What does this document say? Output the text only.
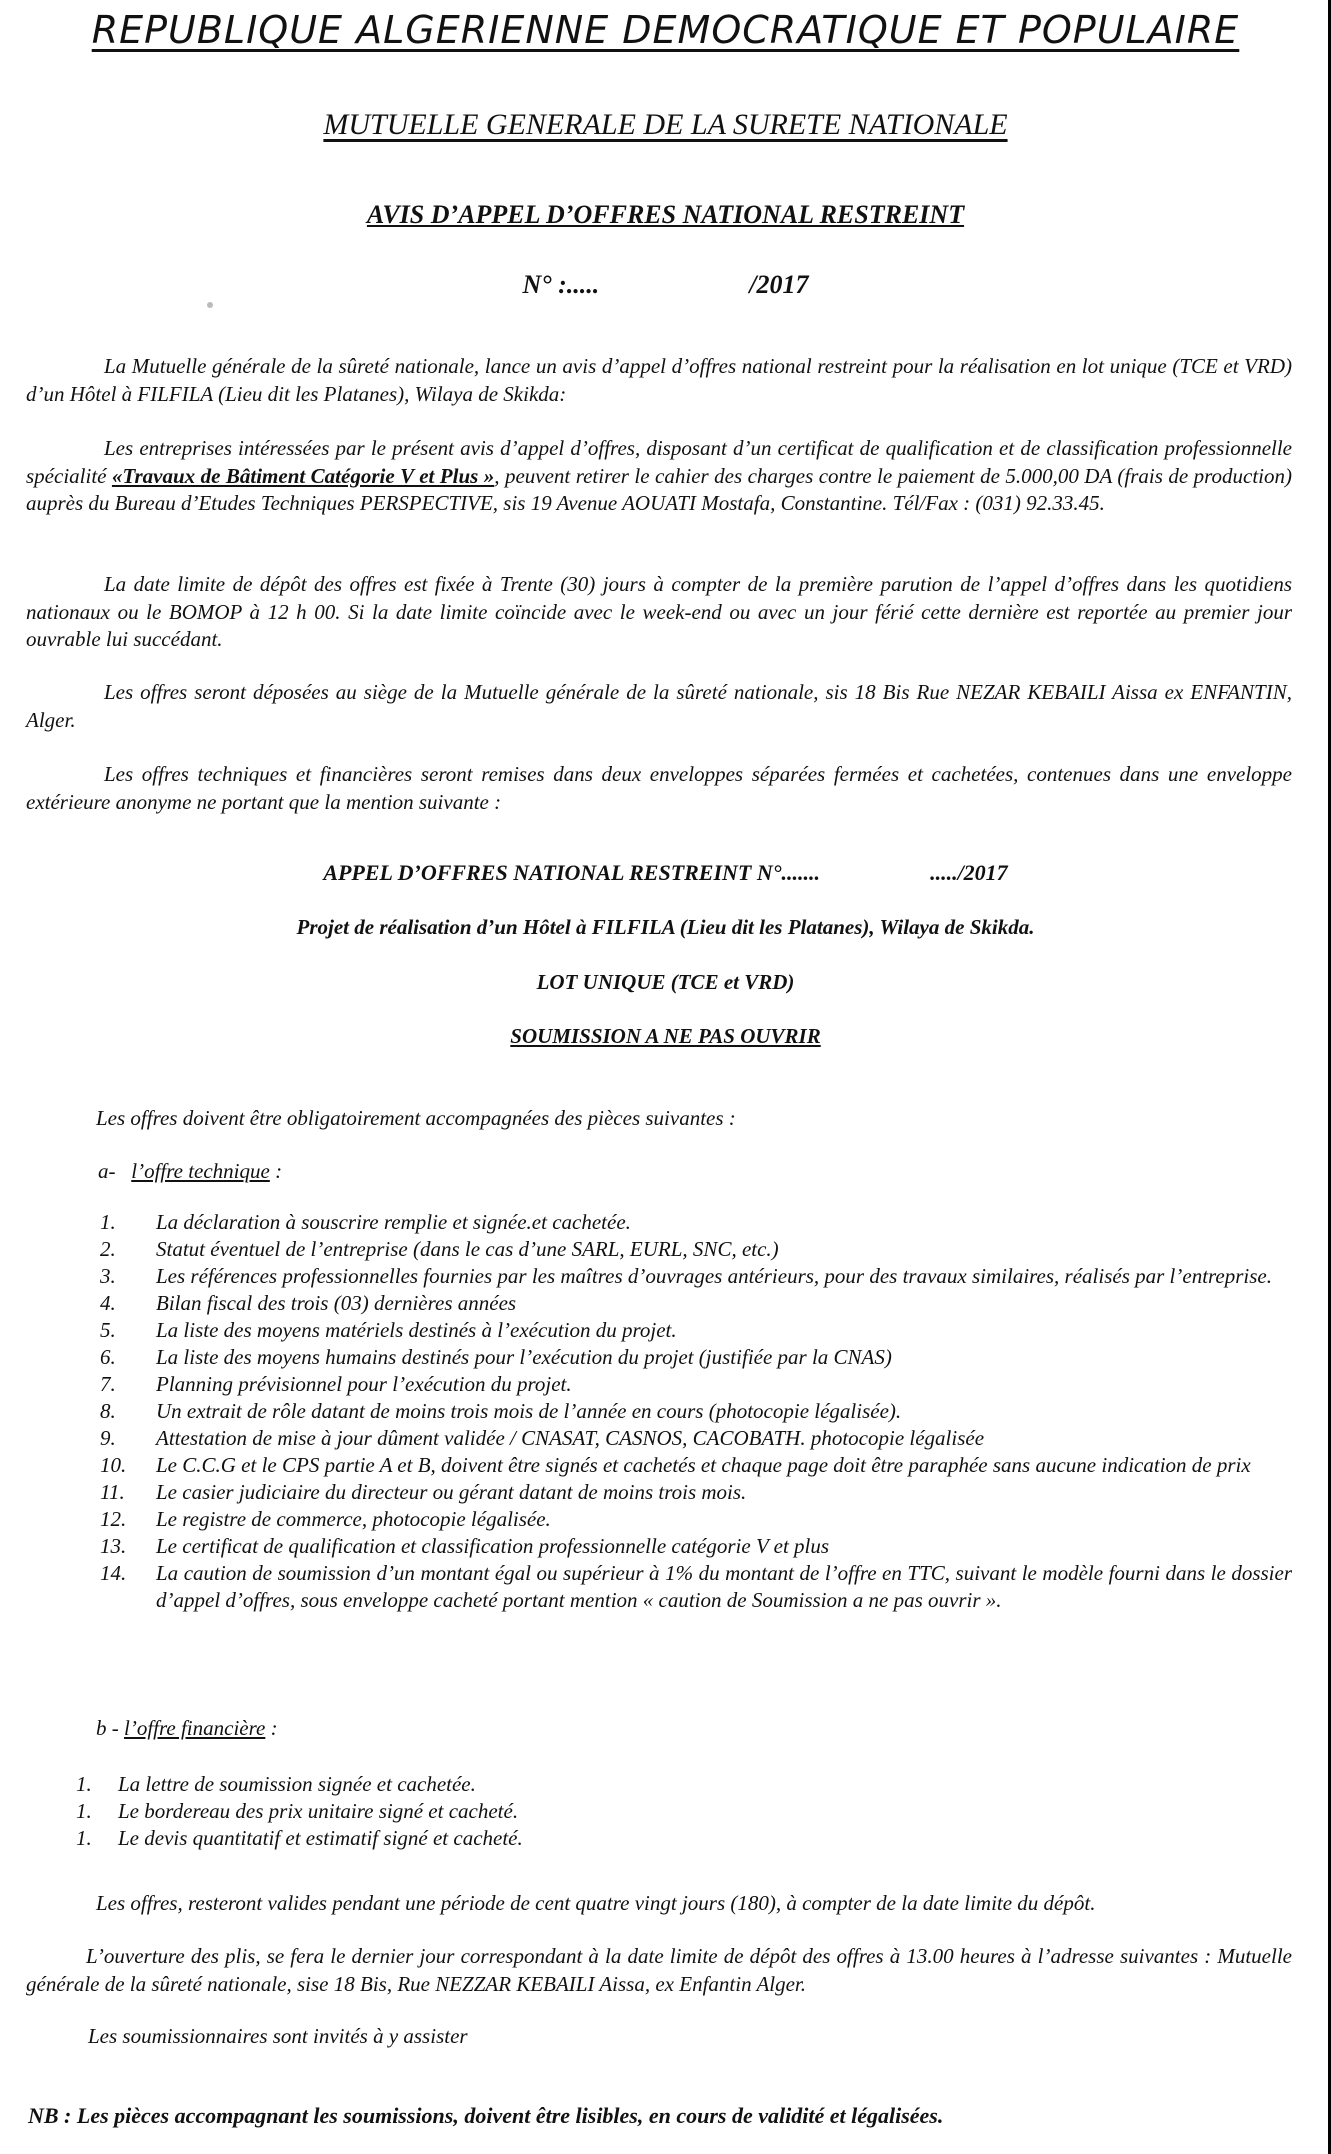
REPUBLIQUE ALGERIENNE DEMOCRATIQUE ET POPULAIRE
MUTUELLE GENERALE DE LA SURETE NATIONALE
AVIS D’APPEL D’OFFRES NATIONAL RESTREINT
N° :.....	/2017
La Mutuelle générale de la sûreté nationale, lance un avis d’appel d’offres national restreint pour la réalisation en lot unique (TCE et VRD) d’un Hôtel à FILFILA (Lieu dit les Platanes), Wilaya de Skikda:
Les entreprises intéressées par le présent avis d’appel d’offres, disposant d’un certificat de qualification et de classification professionnelle spécialité «Travaux de Bâtiment Catégorie V et Plus », peuvent retirer le cahier des charges contre le paiement de 5.000,00 DA (frais de production) auprès du Bureau d’Etudes Techniques PERSPECTIVE, sis 19 Avenue AOUATI Mostafa, Constantine. Tél/Fax : (031) 92.33.45.
La date limite de dépôt des offres est fixée à Trente (30) jours à compter de la première parution de l’appel d’offres dans les quotidiens nationaux ou le BOMOP à 12 h 00. Si la date limite coïncide avec le week-end ou avec un jour férié cette dernière est reportée au premier jour ouvrable lui succédant.
Les offres seront déposées au siège de la Mutuelle générale de la sûreté nationale, sis 18 Bis Rue NEZAR KEBAILI Aissa ex ENFANTIN, Alger.
Les offres techniques et financières seront remises dans deux enveloppes séparées fermées et cachetées, contenues dans une enveloppe extérieure anonyme ne portant que la mention suivante :
APPEL D’OFFRES NATIONAL RESTREINT N°.......	...../2017
Projet de réalisation d’un Hôtel à FILFILA (Lieu dit les Platanes), Wilaya de Skikda.
LOT UNIQUE (TCE et VRD)
SOUMISSION A NE PAS OUVRIR
Les offres doivent être obligatoirement accompagnées des pièces suivantes :
a- l’offre technique :
1.	La déclaration à souscrire remplie et signée.et cachetée.
2.	Statut éventuel de l’entreprise (dans le cas d’une SARL, EURL, SNC, etc.)
3.	Les références professionnelles fournies par les maîtres d’ouvrages antérieurs, pour des travaux similaires, réalisés par l’entreprise.
4.	Bilan fiscal des trois (03) dernières années
5.	La liste des moyens matériels destinés à l’exécution du projet.
6.	La liste des moyens humains destinés pour l’exécution du projet (justifiée par la CNAS)
7.	Planning prévisionnel pour l’exécution du projet.
8.	Un extrait de rôle datant de moins trois mois de l’année en cours (photocopie légalisée).
9.	Attestation de mise à jour dûment validée / CNASAT, CASNOS, CACOBATH. photocopie légalisée
10.	Le C.C.G et le CPS partie A et B, doivent être signés et cachetés et chaque page doit être paraphée sans aucune indication de prix
11.	Le casier judiciaire du directeur ou gérant datant de moins trois mois.
12.	Le registre de commerce, photocopie légalisée.
13.	Le certificat de qualification et classification professionnelle catégorie V et plus
14.	La caution de soumission d’un montant égal ou supérieur à 1% du montant de l’offre en TTC, suivant le modèle fourni dans le dossier d’appel d’offres, sous enveloppe cacheté portant mention « caution de Soumission a ne pas ouvrir ».
b - l’offre financière :
1.	La lettre de soumission signée et cachetée.
1.	Le bordereau des prix unitaire signé et cacheté.
1.	Le devis quantitatif et estimatif signé et cacheté.
Les offres, resteront valides pendant une période de cent quatre vingt jours (180), à compter de la date limite du dépôt.
L’ouverture des plis, se fera le dernier jour correspondant à la date limite de dépôt des offres à 13.00 heures à l’adresse suivantes : Mutuelle générale de la sûreté nationale, sise 18 Bis, Rue NEZZAR KEBAILI Aissa, ex Enfantin Alger.
Les soumissionnaires sont invités à y assister
NB : Les pièces accompagnant les soumissions, doivent être lisibles, en cours de validité et légalisées.
